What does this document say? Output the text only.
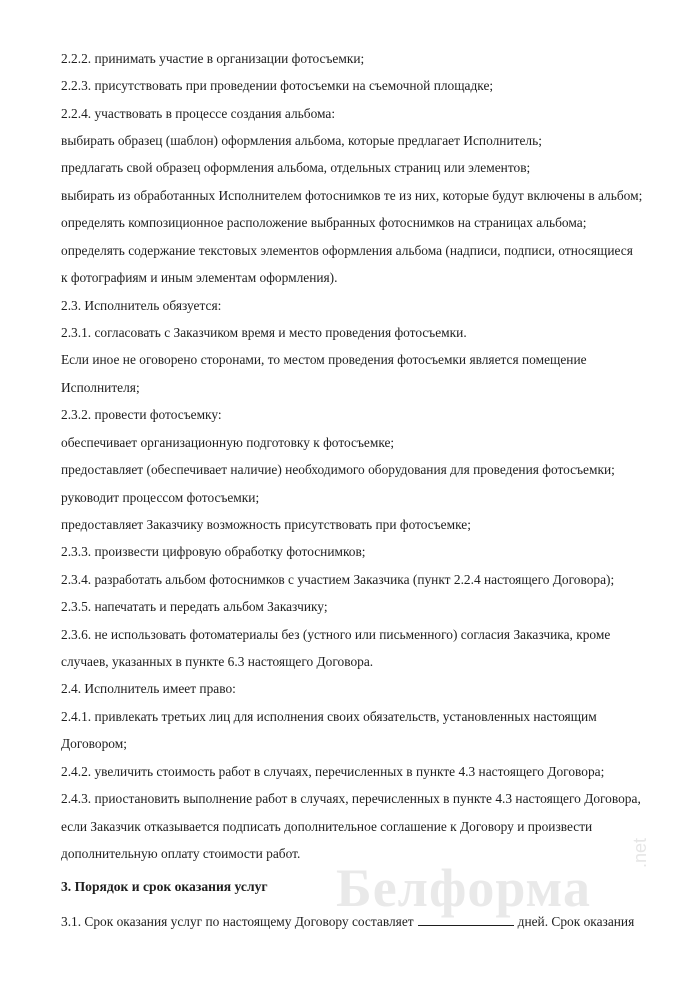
Белформа
.net
2.2.2. принимать участие в организации фотосъемки;
2.2.3. присутствовать при проведении фотосъемки на съемочной площадке;
2.2.4. участвовать в процессе создания альбома:
выбирать образец (шаблон) оформления альбома, которые предлагает Исполнитель;
предлагать свой образец оформления альбома, отдельных страниц или элементов;
выбирать из обработанных Исполнителем фотоснимков те из них, которые будут включены в альбом;
определять композиционное расположение выбранных фотоснимков на страницах альбома;
определять содержание текстовых элементов оформления альбома (надписи, подписи, относящиеся
к фотографиям и иным элементам оформления).
2.3. Исполнитель обязуется:
2.3.1. согласовать с Заказчиком время и место проведения фотосъемки.
Если иное не оговорено сторонами, то местом проведения фотосъемки является помещение
Исполнителя;
2.3.2. провести фотосъемку:
обеспечивает организационную подготовку к фотосъемке;
предоставляет (обеспечивает наличие) необходимого оборудования для проведения фотосъемки;
руководит процессом фотосъемки;
предоставляет Заказчику возможность присутствовать при фотосъемке;
2.3.3. произвести цифровую обработку фотоснимков;
2.3.4. разработать альбом фотоснимков с участием Заказчика (пункт 2.2.4 настоящего Договора);
2.3.5. напечатать и передать альбом Заказчику;
2.3.6. не использовать фотоматериалы без (устного или письменного) согласия Заказчика, кроме
случаев, указанных в пункте 6.3 настоящего Договора.
2.4. Исполнитель имеет право:
2.4.1. привлекать третьих лиц для исполнения своих обязательств, установленных настоящим
Договором;
2.4.2. увеличить стоимость работ в случаях, перечисленных в пункте 4.3 настоящего Договора;
2.4.3. приостановить выполнение работ в случаях, перечисленных в пункте 4.3 настоящего Договора,
если Заказчик отказывается подписать дополнительное соглашение к Договору и произвести
дополнительную оплату стоимости работ.
3. Порядок и срок оказания услуг
3.1. Срок оказания услуг по настоящему Договору составляет	дней. Срок оказания
